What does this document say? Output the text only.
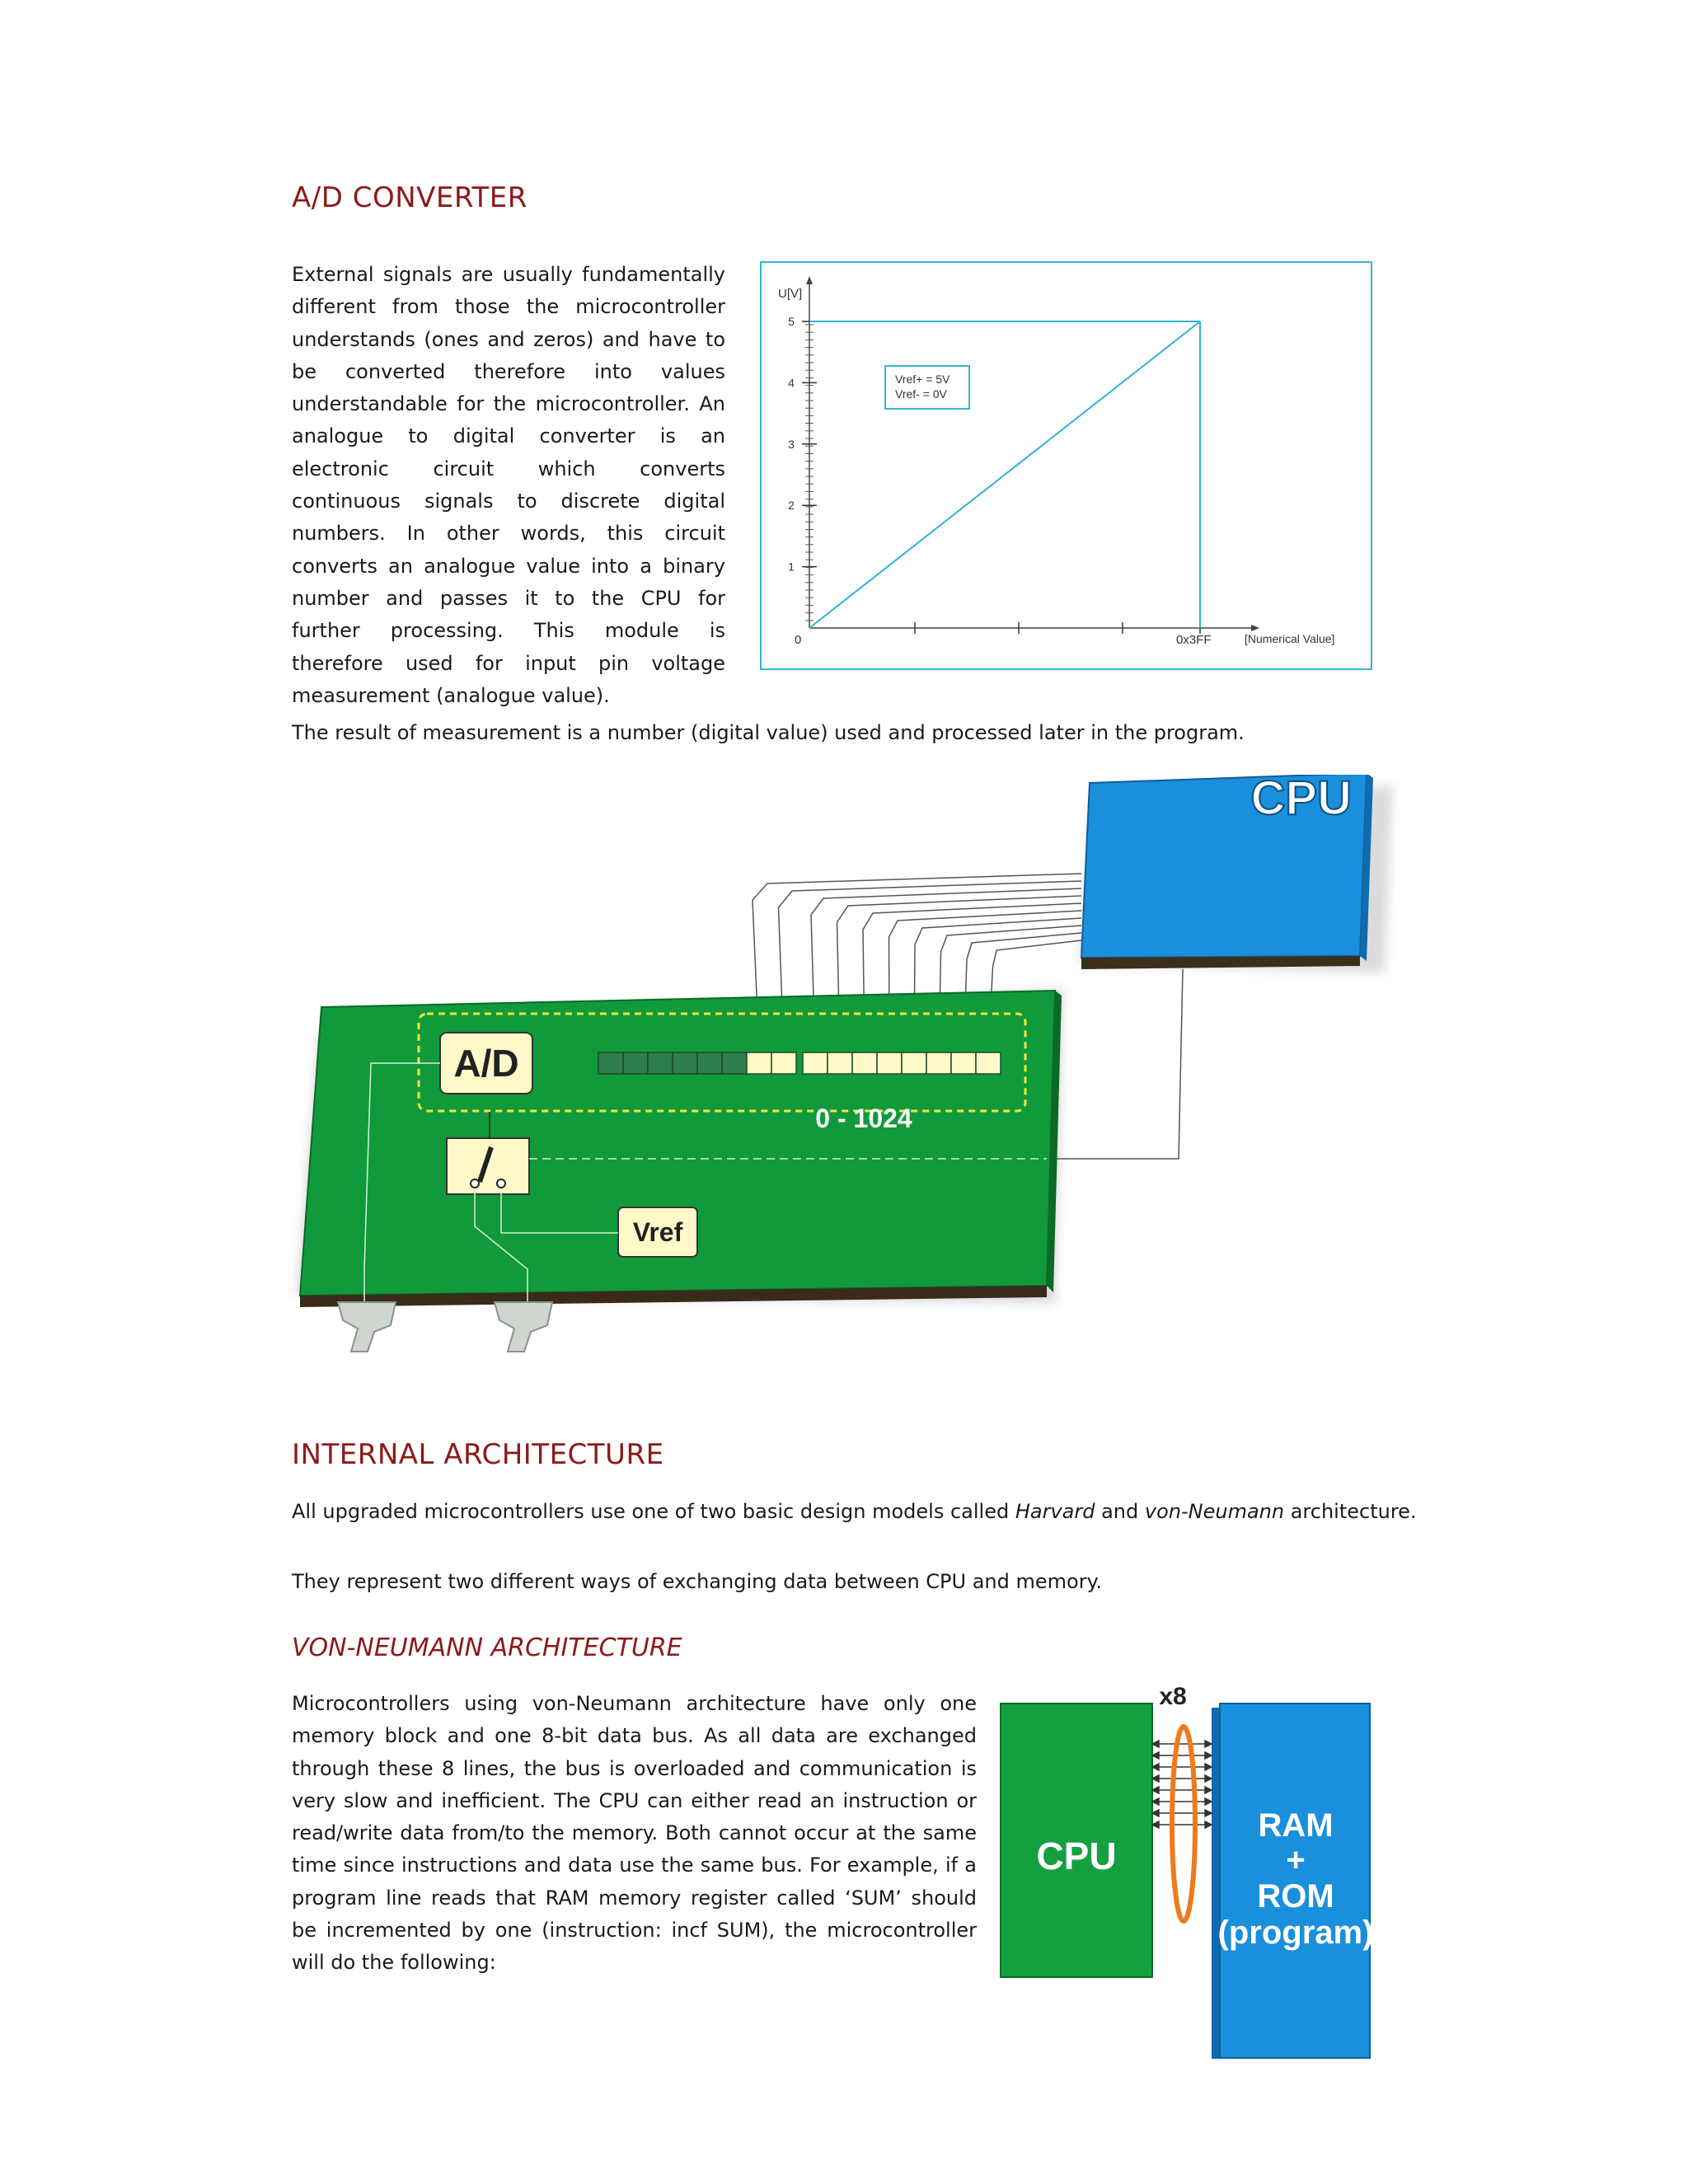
A/D CONVERTER

External signals are usually fundamentally different from those the microcontroller understands (ones and zeros) and have to be converted therefore into values understandable for the microcontroller. An analogue to digital converter is an electronic circuit which converts continuous signals to discrete digital numbers. In other words, this circuit converts an analogue value into a binary number and passes it to the CPU for further processing. This module is therefore used for input pin voltage measurement (analogue value).

1
2
3
4
5
U[V]
[Numerical Value]
0	0x3FF
Vref+ = 5V
Vref- = 0V

The result of measurement is a number (digital value) used and processed later in the program.

CPU
A/D
0 - 1024
Vref
INTERNAL ARCHITECTURE

All upgraded microcontrollers use one of two basic design models called Harvard and von-Neumann architecture.

They represent two different ways of exchanging data between CPU and memory.

VON-NEUMANN ARCHITECTURE

Microcontrollers using von-Neumann architecture have only one memory block and one 8-bit data bus. As all data are exchanged through these 8 lines, the bus is overloaded and communication is very slow and inefficient. The CPU can either read an instruction or read/write data from/to the memory. Both cannot occur at the same time since instructions and data use the same bus. For example, if a program line reads that RAM memory register called ‘SUM’ should be incremented by one (instruction: incf SUM), the microcontroller will do the following:

x8
CPU
RAM
+
ROM
(program)
